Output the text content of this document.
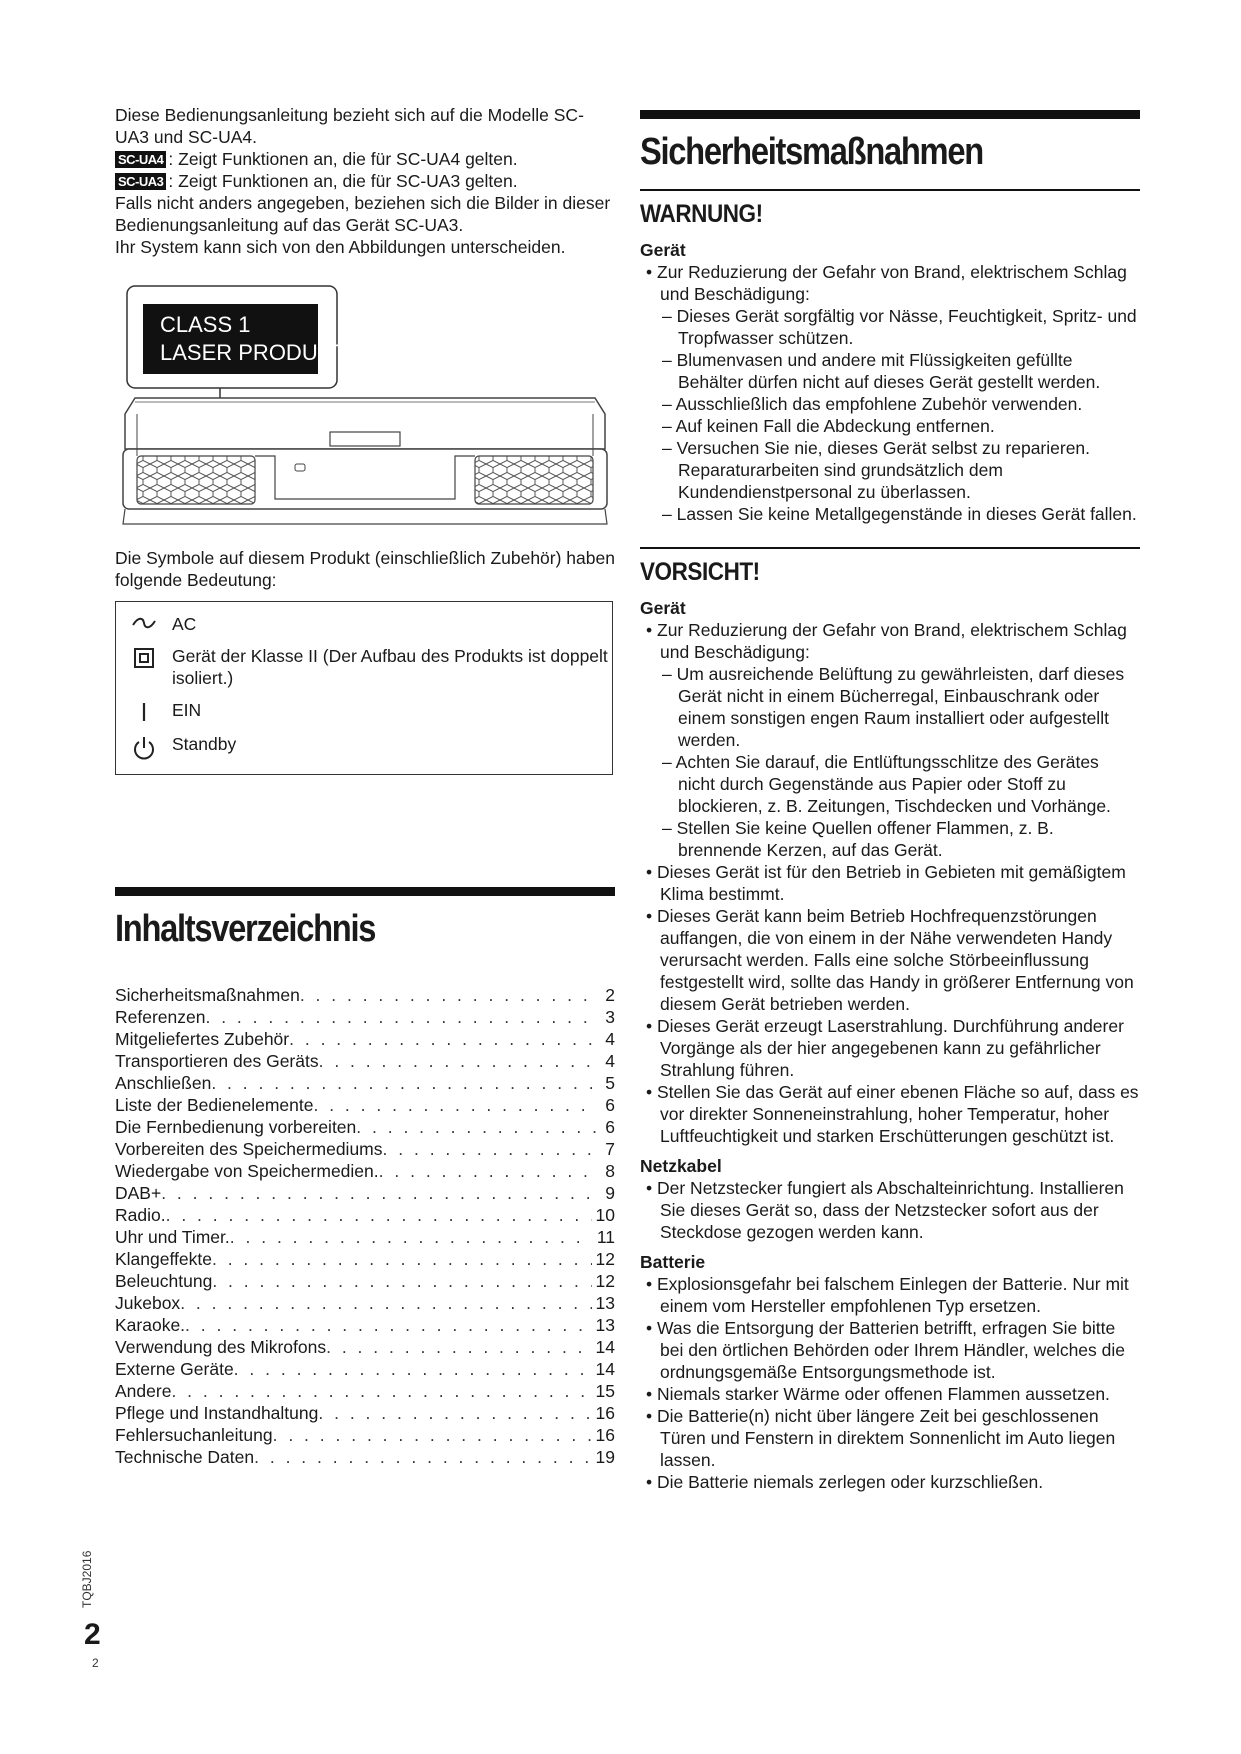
Diese Bedienungsanleitung bezieht sich auf die Modelle SC-UA3 und SC-UA4.

SC-UA4 : Zeigt Funktionen an, die für SC-UA4 gelten.

SC-UA3 : Zeigt Funktionen an, die für SC-UA3 gelten.

Falls nicht anders angegeben, beziehen sich die Bilder in dieser Bedienungsanleitung auf das Gerät SC-UA3.

Ihr System kann sich von den Abbildungen unterscheiden.

CLASS 1
LASER PRODUCT

Die Symbole auf diesem Produkt (einschließlich Zubehör) haben folgende Bedeutung:

AC
Gerät der Klasse II (Der Aufbau des Produkts ist doppelt isoliert.)
EIN
Standby
Inhaltsverzeichnis
Sicherheitsmaßnahmen . . .	2
Referenzen . . .	3
Mitgeliefertes Zubehör . . .	4
Transportieren des Geräts . . .	4
Anschließen . . .	5
Liste der Bedienelemente . . .	6
Die Fernbedienung vorbereiten . . .	6
Vorbereiten des Speichermediums . . .	7
Wiedergabe von Speichermedien. . . .	8
DAB+ . . .	9
Radio. . . .	10
Uhr und Timer. . . .	11
Klangeffekte . . .	12
Beleuchtung . . .	12
Jukebox . . .	13
Karaoke. . . .	13
Verwendung des Mikrofons . . .	14
Externe Geräte . . .	14
Andere . . .	15
Pflege und Instandhaltung . . .	16
Fehlersuchanleitung . . .	16
Technische Daten . . .	19
Sicherheitsmaßnahmen
WARNUNG!
Gerät
• Zur Reduzierung der Gefahr von Brand, elektrischem Schlag und Beschädigung:
– Dieses Gerät sorgfältig vor Nässe, Feuchtigkeit, Spritz- und Tropfwasser schützen.
– Blumenvasen und andere mit Flüssigkeiten gefüllte Behälter dürfen nicht auf dieses Gerät gestellt werden.
– Ausschließlich das empfohlene Zubehör verwenden.
– Auf keinen Fall die Abdeckung entfernen.
– Versuchen Sie nie, dieses Gerät selbst zu reparieren. Reparaturarbeiten sind grundsätzlich dem Kundendienstpersonal zu überlassen.
– Lassen Sie keine Metallgegenstände in dieses Gerät fallen.
VORSICHT!
Gerät
• Zur Reduzierung der Gefahr von Brand, elektrischem Schlag und Beschädigung:
– Um ausreichende Belüftung zu gewährleisten, darf dieses Gerät nicht in einem Bücherregal, Einbauschrank oder einem sonstigen engen Raum installiert oder aufgestellt werden.
– Achten Sie darauf, die Entlüftungsschlitze des Gerätes nicht durch Gegenstände aus Papier oder Stoff zu blockieren, z. B. Zeitungen, Tischdecken und Vorhänge.
– Stellen Sie keine Quellen offener Flammen, z. B. brennende Kerzen, auf das Gerät.
• Dieses Gerät ist für den Betrieb in Gebieten mit gemäßigtem Klima bestimmt.
• Dieses Gerät kann beim Betrieb Hochfrequenzstörungen auffangen, die von einem in der Nähe verwendeten Handy verursacht werden. Falls eine solche Störbeeinflussung festgestellt wird, sollte das Handy in größerer Entfernung von diesem Gerät betrieben werden.
• Dieses Gerät erzeugt Laserstrahlung. Durchführung anderer Vorgänge als der hier angegebenen kann zu gefährlicher Strahlung führen.
• Stellen Sie das Gerät auf einer ebenen Fläche so auf, dass es vor direkter Sonneneinstrahlung, hoher Temperatur, hoher Luftfeuchtigkeit und starken Erschütterungen geschützt ist.
Netzkabel
• Der Netzstecker fungiert als Abschalteinrichtung. Installieren Sie dieses Gerät so, dass der Netzstecker sofort aus der Steckdose gezogen werden kann.
Batterie
• Explosionsgefahr bei falschem Einlegen der Batterie. Nur mit einem vom Hersteller empfohlenen Typ ersetzen.
• Was die Entsorgung der Batterien betrifft, erfragen Sie bitte bei den örtlichen Behörden oder Ihrem Händler, welches die ordnungsgemäße Entsorgungsmethode ist.
• Niemals starker Wärme oder offenen Flammen aussetzen.
• Die Batterie(n) nicht über längere Zeit bei geschlossenen Türen und Fenstern in direktem Sonnenlicht im Auto liegen lassen.
• Die Batterie niemals zerlegen oder kurzschließen.
TQBJ2016
2
2
